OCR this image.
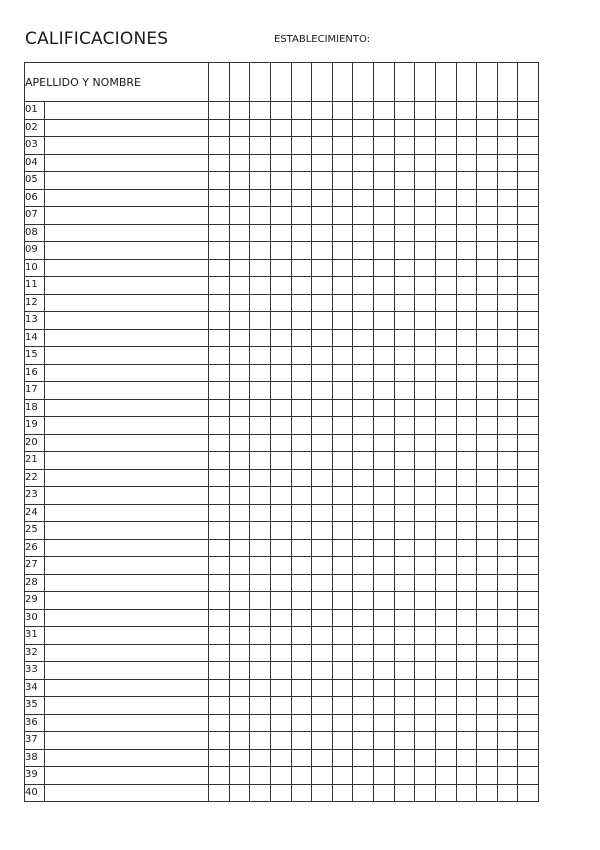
CALIFICACIONES	ESTABLECIMIENTO:
APELLIDO Y NOMBRE																	
01																	
02																	
03																	
04																	
05																	
06																	
07																	
08																	
09																	
10																	
11																	
12																	
13																	
14																	
15																	
16																	
17																	
18																	
19																	
20																	
21																	
22																	
23																	
24																	
25																	
26																	
27																	
28																	
29																	
30																	
31																	
32																	
33																	
34																	
35																	
36																	
37																	
38																	
39																	
40																	
